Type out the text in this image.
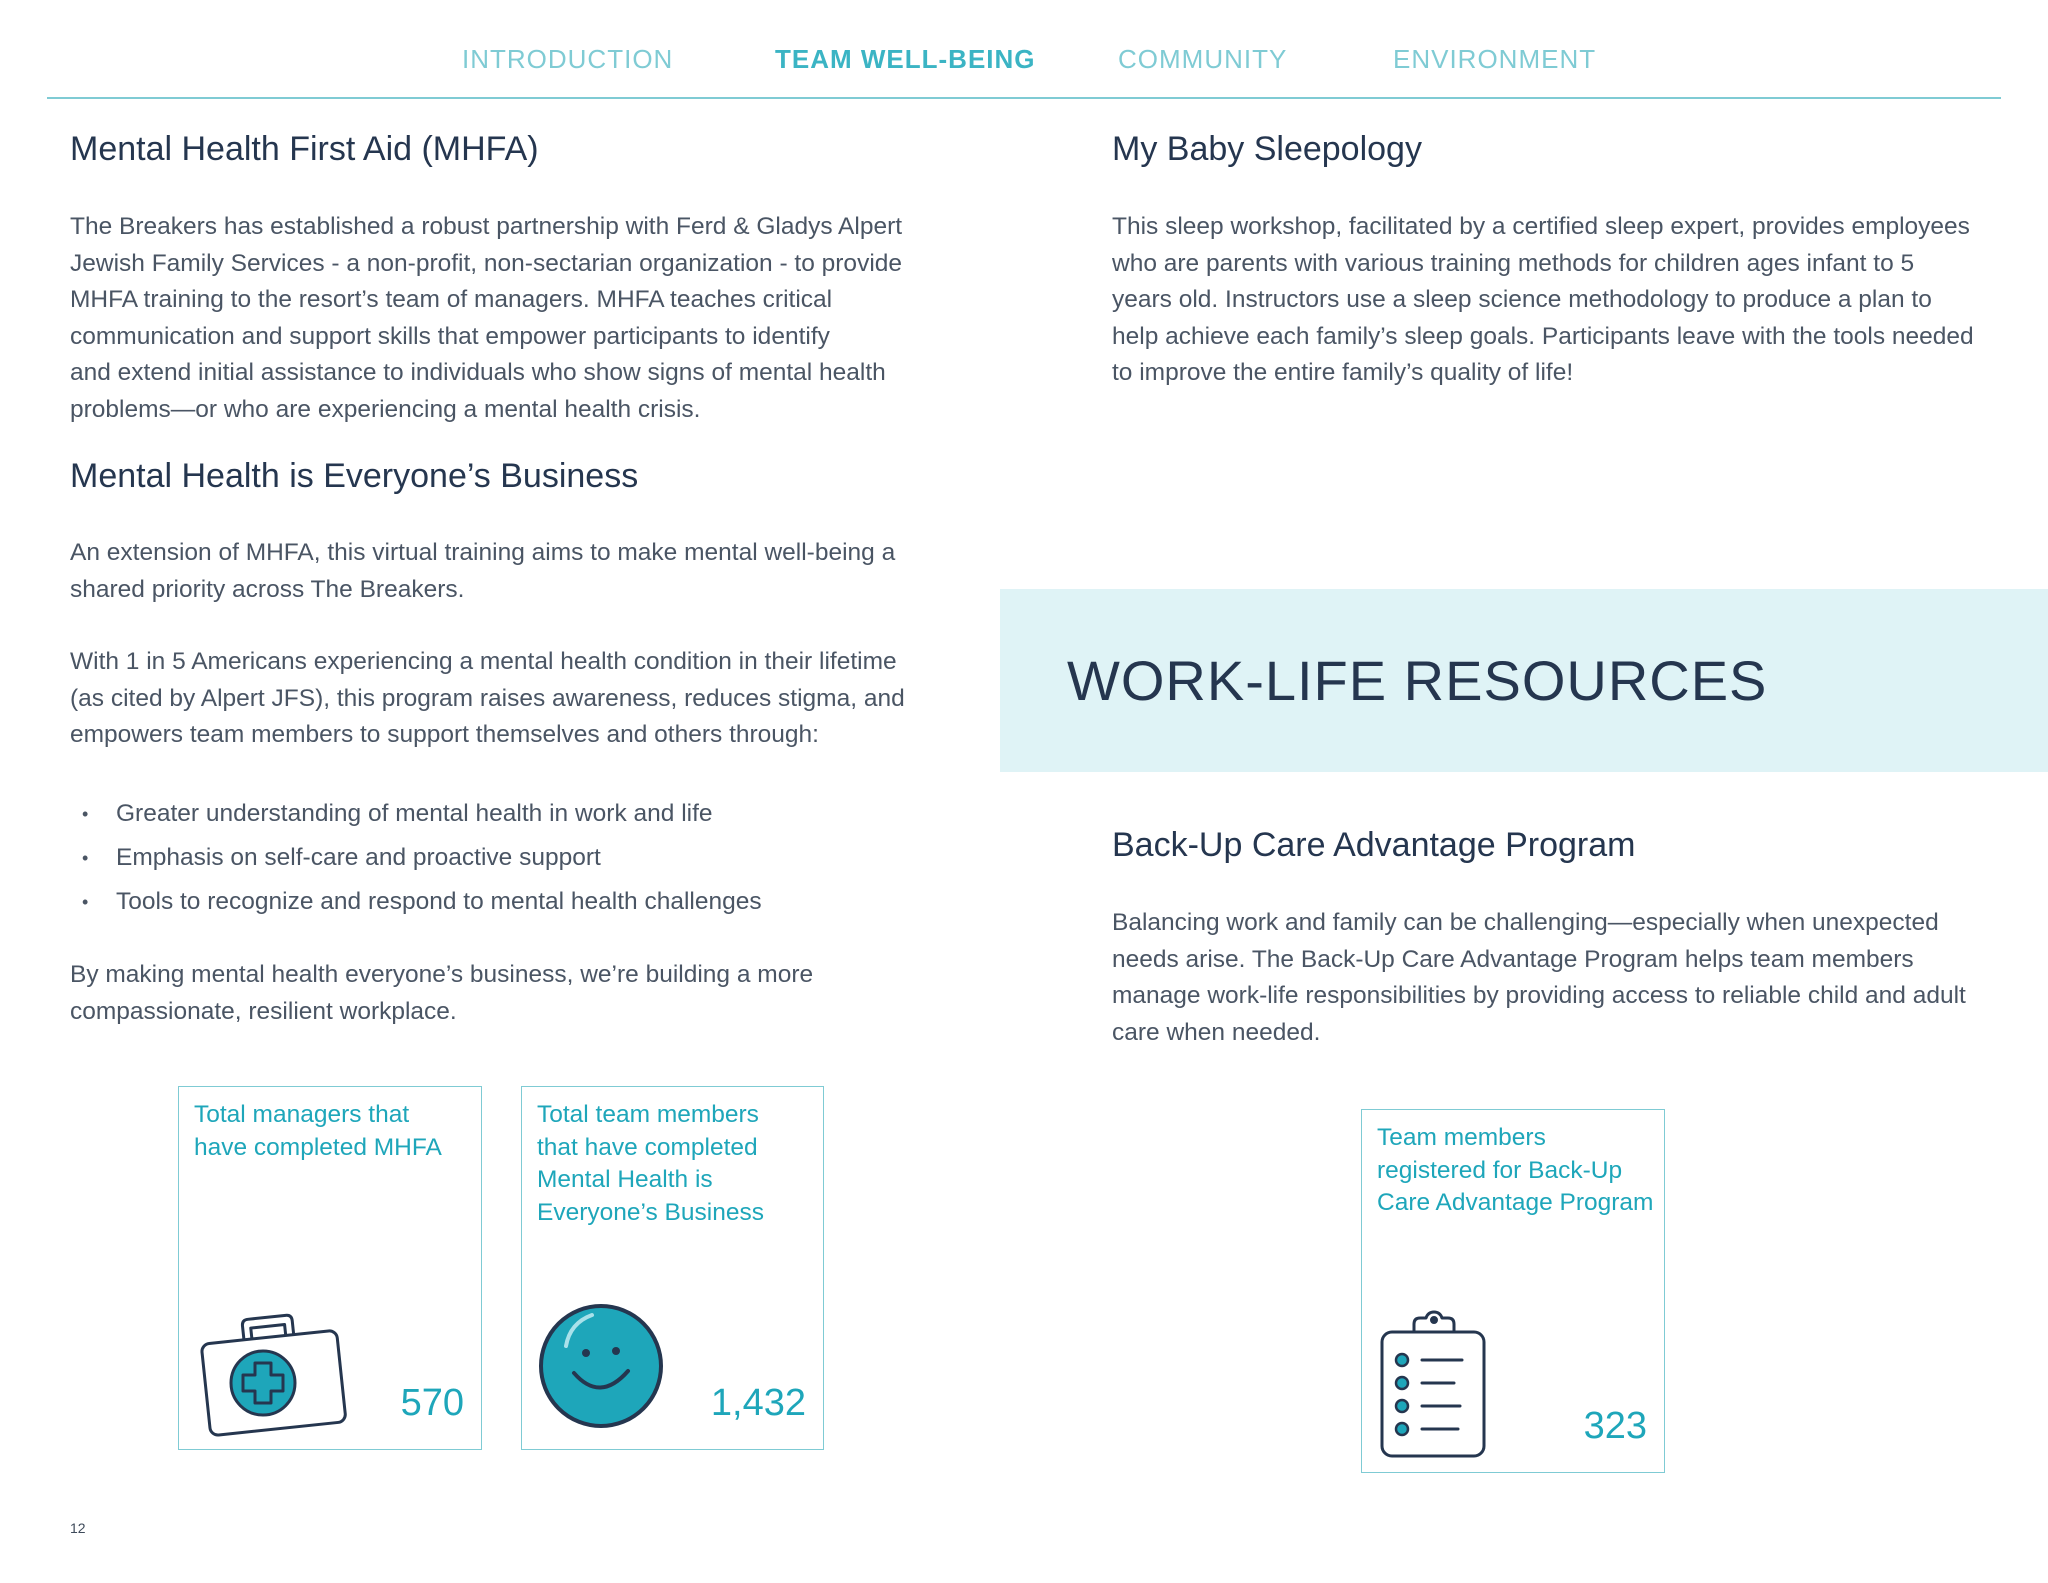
INTRODUCTION	TEAM WELL-BEING	COMMUNITY	ENVIRONMENT
Mental Health First Aid (MHFA)
The Breakers has established a robust partnership with Ferd & Gladys Alpert
Jewish Family Services - a non-profit, non-sectarian organization - to provide
MHFA training to the resort’s team of managers. MHFA teaches critical
communication and support skills that empower participants to identify
and extend initial assistance to individuals who show signs of mental health
problems—or who are experiencing a mental health crisis.
Mental Health is Everyone’s Business
An extension of MHFA, this virtual training aims to make mental well-being a
shared priority across The Breakers.
With 1 in 5 Americans experiencing a mental health condition in their lifetime
(as cited by Alpert JFS), this program raises awareness, reduces stigma, and
empowers team members to support themselves and others through:
• Greater understanding of mental health in work and life
• Emphasis on self-care and proactive support
• Tools to recognize and respond to mental health challenges
By making mental health everyone’s business, we’re building a more
compassionate, resilient workplace.
Total managers that
have completed MHFA
570
Total team members
that have completed
Mental Health is
Everyone’s Business
1,432
My Baby Sleepology
This sleep workshop, facilitated by a certified sleep expert, provides employees
who are parents with various training methods for children ages infant to 5
years old. Instructors use a sleep science methodology to produce a plan to
help achieve each family’s sleep goals. Participants leave with the tools needed
to improve the entire family’s quality of life!
WORK-LIFE RESOURCES
Back-Up Care Advantage Program
Balancing work and family can be challenging—especially when unexpected
needs arise. The Back-Up Care Advantage Program helps team members
manage work-life responsibilities by providing access to reliable child and adult
care when needed.
Team members
registered for Back-Up
Care Advantage Program
323
12
